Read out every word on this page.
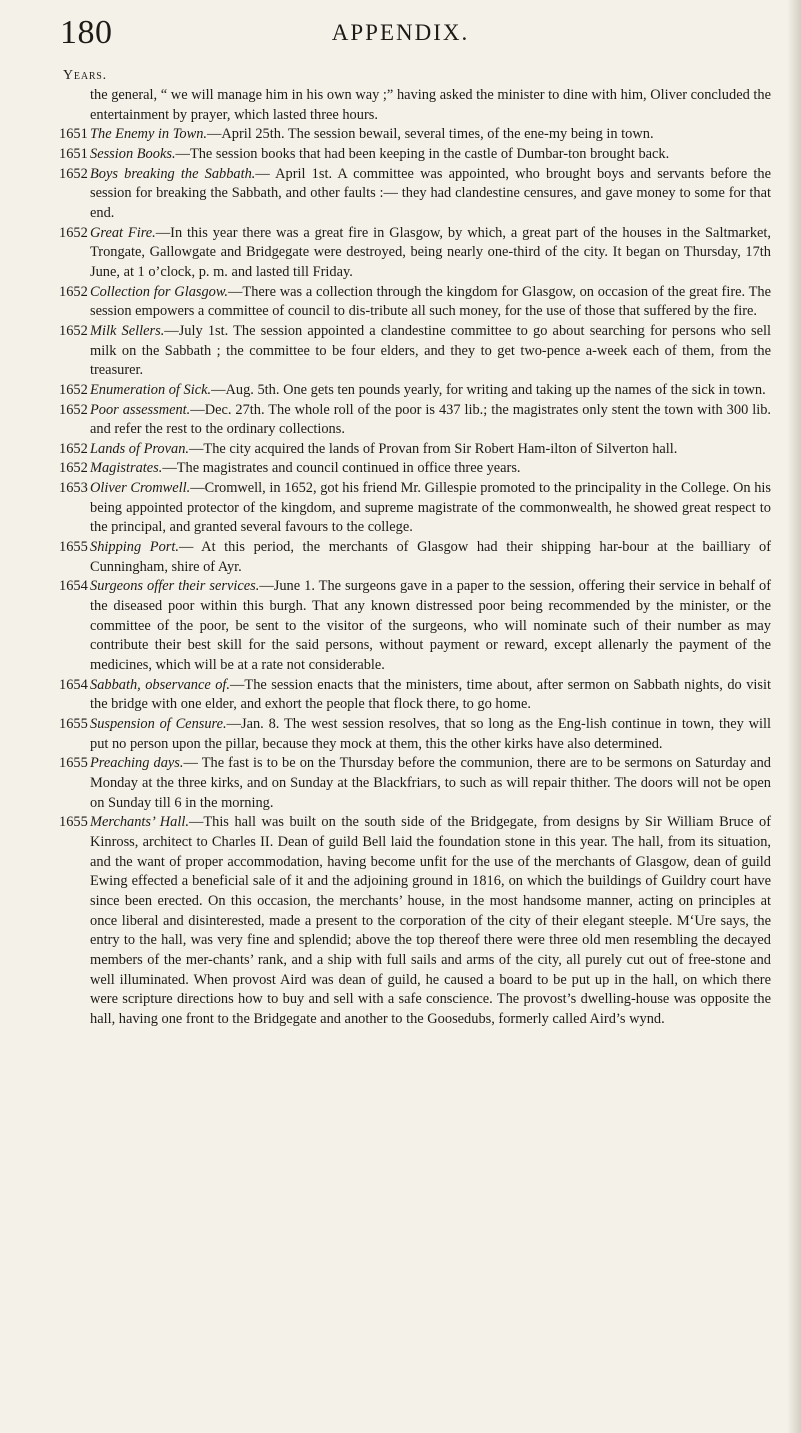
180	APPENDIX.
Years.
the general, “ we will manage him in his own way ;” having asked the minister to dine with him, Oliver concluded the entertainment by prayer, which lasted three hours.
1651 The Enemy in Town.—April 25th. The session bewail, several times, of the ene-my being in town.
1651 Session Books.—The session books that had been keeping in the castle of Dumbar-ton brought back.
1652 Boys breaking the Sabbath.— April 1st. A committee was appointed, who brought boys and servants before the session for breaking the Sabbath, and other faults :— they had clandestine censures, and gave money to some for that end.
1652 Great Fire.—In this year there was a great fire in Glasgow, by which, a great part of the houses in the Saltmarket, Trongate, Gallowgate and Bridgegate were destroyed, being nearly one-third of the city. It began on Thursday, 17th June, at 1 o’clock, p. m. and lasted till Friday.
1652 Collection for Glasgow.—There was a collection through the kingdom for Glasgow, on occasion of the great fire. The session empowers a committee of council to dis-tribute all such money, for the use of those that suffered by the fire.
1652 Milk Sellers.—July 1st. The session appointed a clandestine committee to go about searching for persons who sell milk on the Sabbath ; the committee to be four elders, and they to get two-pence a-week each of them, from the treasurer.
1652 Enumeration of Sick.—Aug. 5th. One gets ten pounds yearly, for writing and taking up the names of the sick in town.
1652 Poor assessment.—Dec. 27th. The whole roll of the poor is 437 lib.; the magistrates only stent the town with 300 lib. and refer the rest to the ordinary collections.
1652 Lands of Provan.—The city acquired the lands of Provan from Sir Robert Ham-ilton of Silverton hall.
1652 Magistrates.—The magistrates and council continued in office three years.
1653 Oliver Cromwell.—Cromwell, in 1652, got his friend Mr. Gillespie promoted to the principality in the College. On his being appointed protector of the kingdom, and supreme magistrate of the commonwealth, he showed great respect to the principal, and granted several favours to the college.
1655 Shipping Port.— At this period, the merchants of Glasgow had their shipping har-bour at the bailliary of Cunningham, shire of Ayr.
1654 Surgeons offer their services.—June 1. The surgeons gave in a paper to the session, offering their service in behalf of the diseased poor within this burgh. That any known distressed poor being recommended by the minister, or the committee of the poor, be sent to the visitor of the surgeons, who will nominate such of their number as may contribute their best skill for the said persons, without payment or reward, except allenarly the payment of the medicines, which will be at a rate not considerable.
1654 Sabbath, observance of.—The session enacts that the ministers, time about, after sermon on Sabbath nights, do visit the bridge with one elder, and exhort the people that flock there, to go home.
1655 Suspension of Censure.—Jan. 8. The west session resolves, that so long as the Eng-lish continue in town, they will put no person upon the pillar, because they mock at them, this the other kirks have also determined.
1655 Preaching days.— The fast is to be on the Thursday before the communion, there are to be sermons on Saturday and Monday at the three kirks, and on Sunday at the Blackfriars, to such as will repair thither. The doors will not be open on Sunday till 6 in the morning.
1655 Merchants’ Hall.—This hall was built on the south side of the Bridgegate, from designs by Sir William Bruce of Kinross, architect to Charles II. Dean of guild Bell laid the foundation stone in this year. The hall, from its situation, and the want of proper accommodation, having become unfit for the use of the merchants of Glasgow, dean of guild Ewing effected a beneficial sale of it and the adjoining ground in 1816, on which the buildings of Guildry court have since been erected. On this occasion, the merchants’ house, in the most handsome manner, acting on principles at once liberal and disinterested, made a present to the corporation of the city of their elegant steeple. M‘Ure says, the entry to the hall, was very fine and splendid; above the top thereof there were three old men resembling the decayed members of the mer-chants’ rank, and a ship with full sails and arms of the city, all purely cut out of free-stone and well illuminated. When provost Aird was dean of guild, he caused a board to be put up in the hall, on which there were scripture directions how to buy and sell with a safe conscience. The provost’s dwelling-house was opposite the hall, having one front to the Bridgegate and another to the Goosedubs, formerly called Aird’s wynd.
